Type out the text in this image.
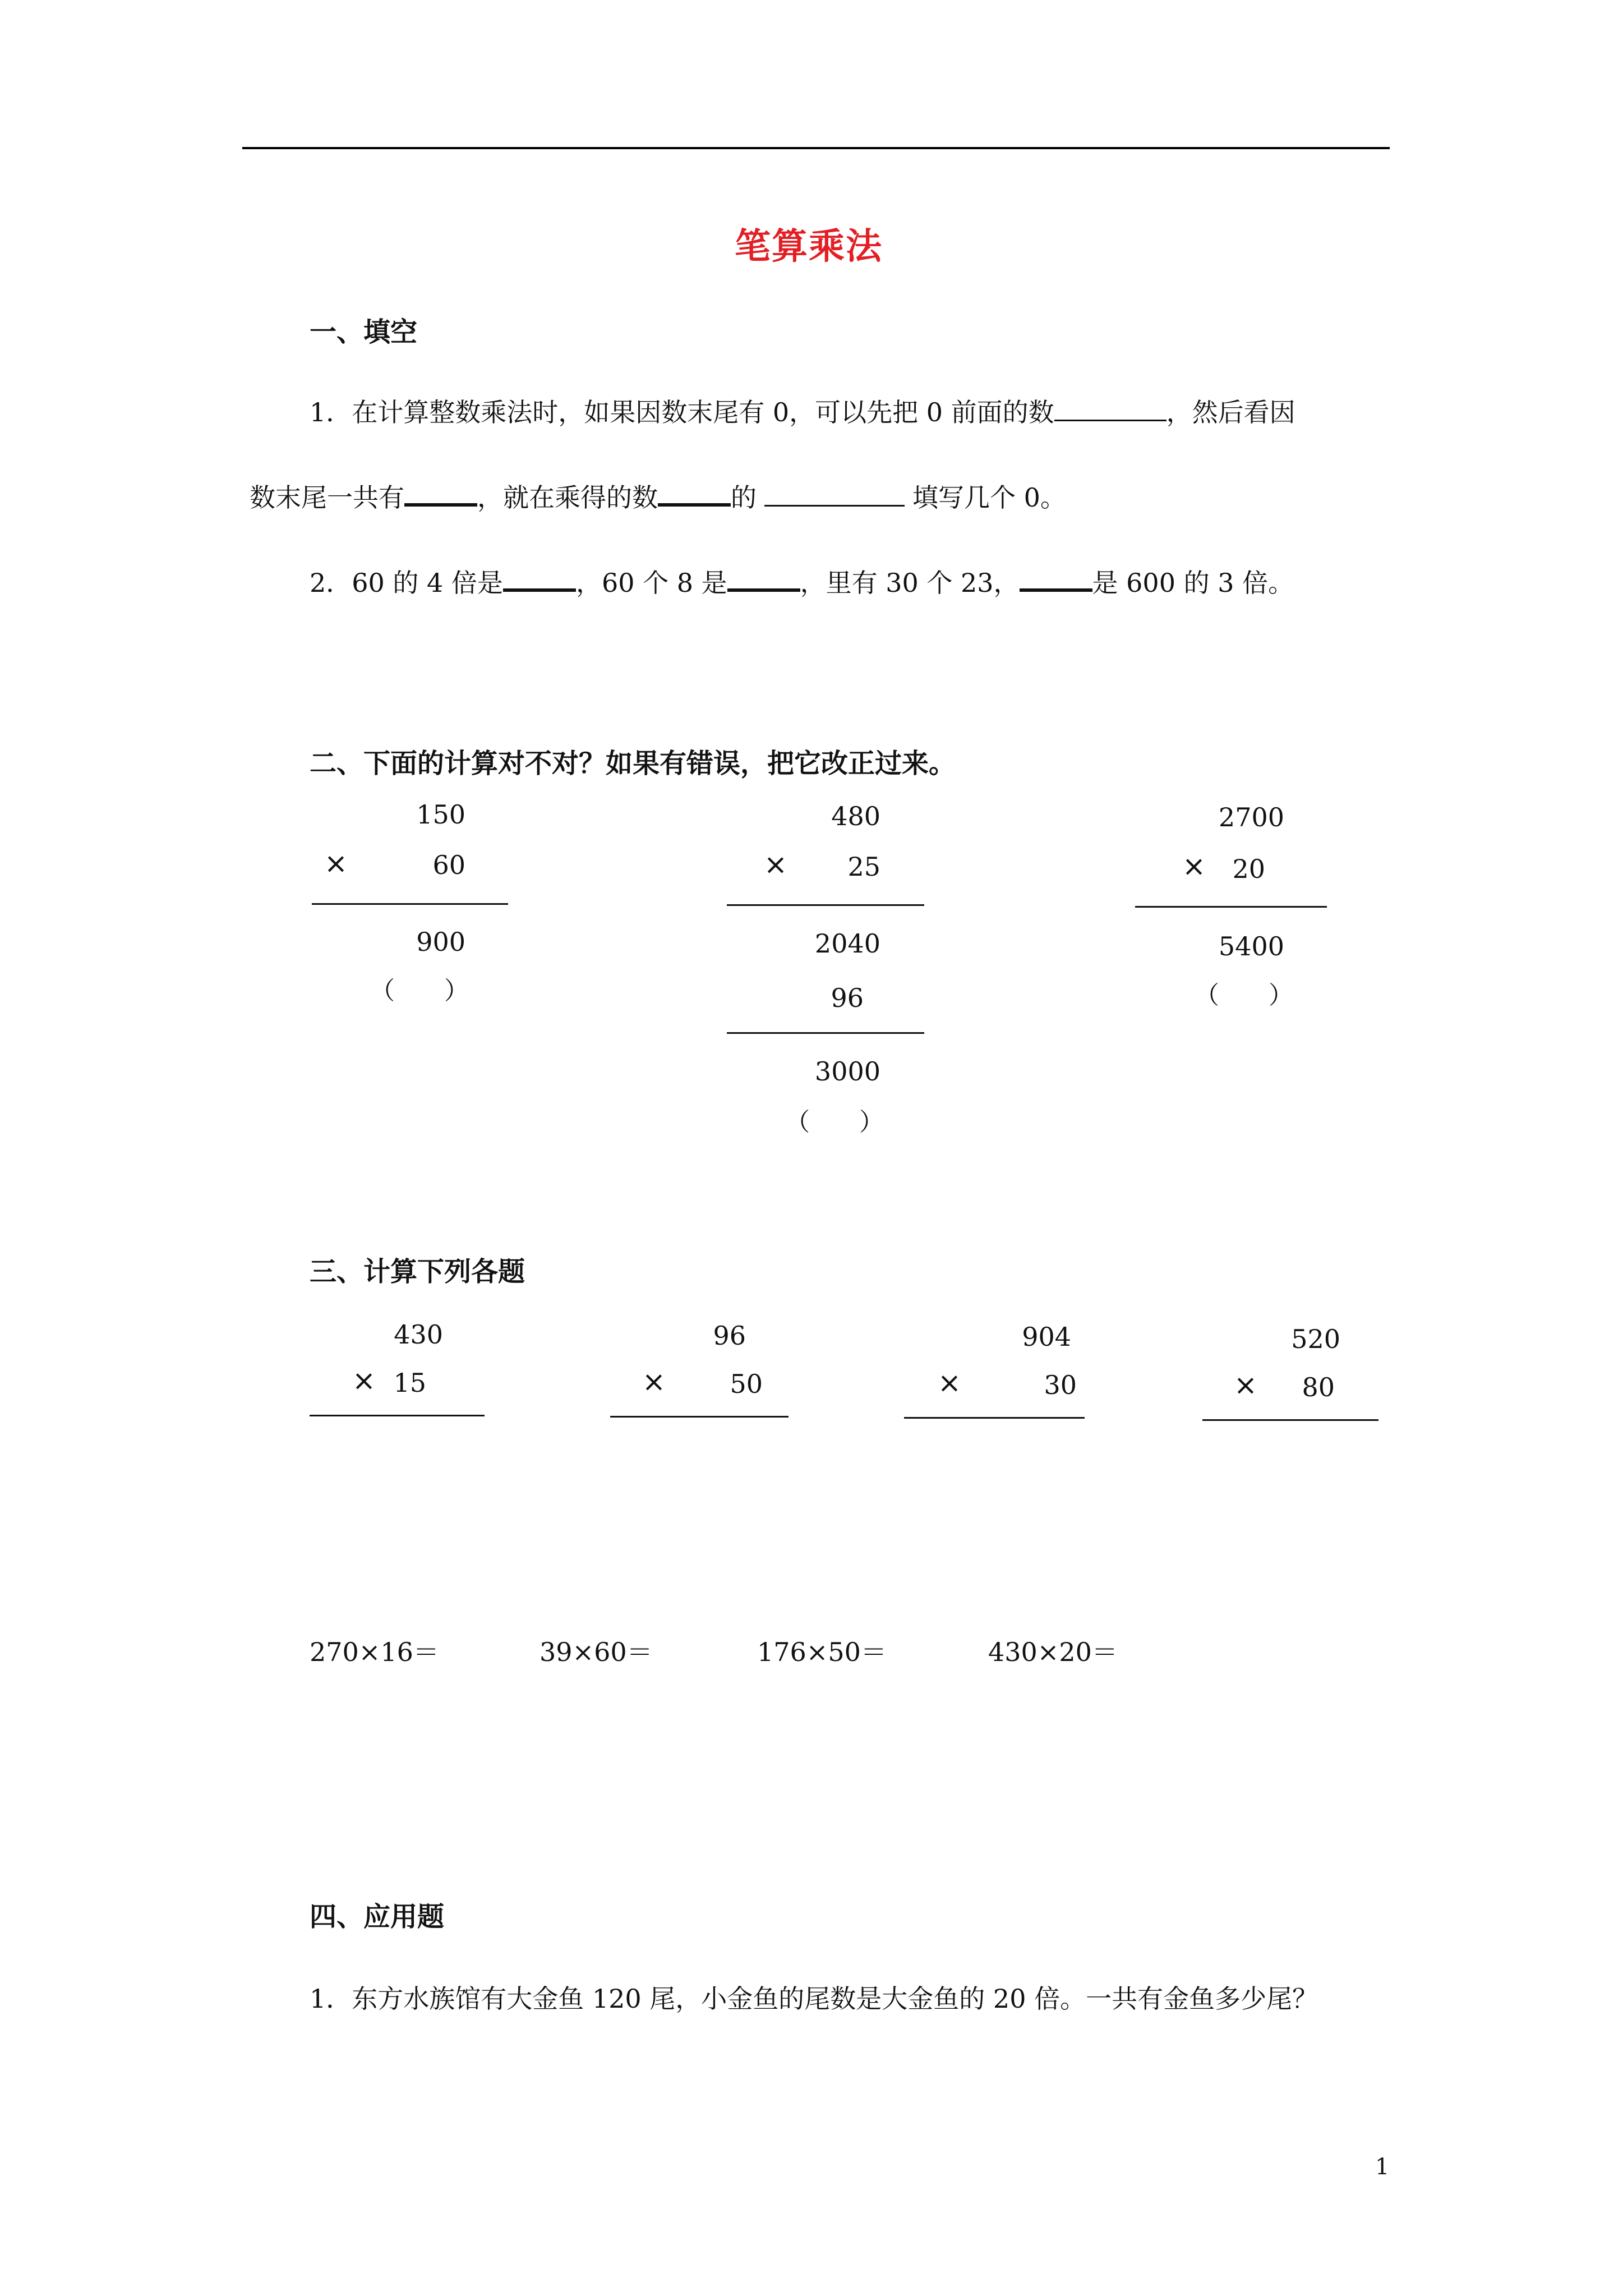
笔算乘法
一、填空
1．在计算整数乘法时，如果因数末尾有 0，可以先把 0 前面的数	，然后看因
数末尾一共有	，就在乘得的数	的	填写几个 0。
2．60 的 4 倍是	，60 个 8 是	，里有 30 个 23，	是 600 的 3 倍。
二、下面的计算对不对？如果有错误，把它改正过来。
150
×	60
900
（　　）
480
×	25
2040
96
3000
（　　）
2700
×	20
5400
（　　）
三、计算下列各题
430
× 15
96
×	50
904
×	30
520
×	80
270×16＝	39×60＝	176×50＝	430×20＝
四、应用题
1．东方水族馆有大金鱼 120 尾，小金鱼的尾数是大金鱼的 20 倍。一共有金鱼多少尾？
1
